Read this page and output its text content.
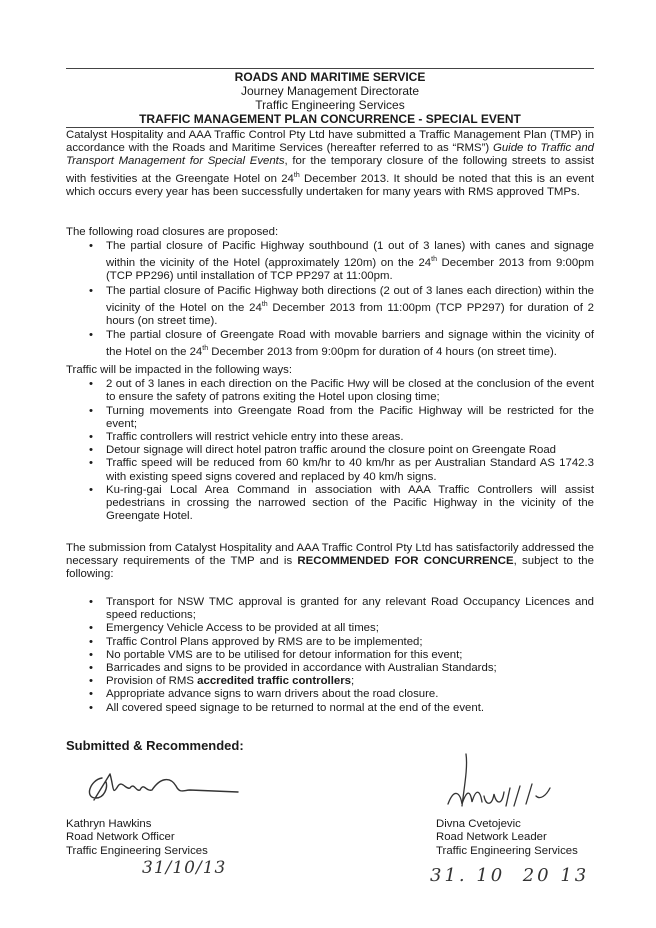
ROADS AND MARITIME SERVICE
Journey Management Directorate
Traffic Engineering Services
TRAFFIC MANAGEMENT PLAN CONCURRENCE - SPECIAL EVENT

Catalyst Hospitality and AAA Traffic Control Pty Ltd have submitted a Traffic Management Plan (TMP) in accordance with the Roads and Maritime Services (hereafter referred to as “RMS”) Guide to Traffic and Transport Management for Special Events, for the temporary closure of the following streets to assist with festivities at the Greengate Hotel on 24th December 2013. It should be noted that this is an event which occurs every year has been successfully undertaken for many years with RMS approved TMPs.

The following road closures are proposed:

• The partial closure of Pacific Highway southbound (1 out of 3 lanes) with canes and signage within the vicinity of the Hotel (approximately 120m) on the 24th December 2013 from 9:00pm (TCP PP296) until installation of TCP PP297 at 11:00pm.
• The partial closure of Pacific Highway both directions (2 out of 3 lanes each direction) within the vicinity of the Hotel on the 24th December 2013 from 11:00pm (TCP PP297) for duration of 2 hours (on street time).
• The partial closure of Greengate Road with movable barriers and signage within the vicinity of the Hotel on the 24th December 2013 from 9:00pm for duration of 4 hours (on street time).

Traffic will be impacted in the following ways:

• 2 out of 3 lanes in each direction on the Pacific Hwy will be closed at the conclusion of the event to ensure the safety of patrons exiting the Hotel upon closing time;
• Turning movements into Greengate Road from the Pacific Highway will be restricted for the event;
• Traffic controllers will restrict vehicle entry into these areas.
• Detour signage will direct hotel patron traffic around the closure point on Greengate Road
• Traffic speed will be reduced from 60 km/hr to 40 km/hr as per Australian Standard AS 1742.3 with existing speed signs covered and replaced by 40 km/h signs.
• Ku-ring-gai Local Area Command in association with AAA Traffic Controllers will assist pedestrians in crossing the narrowed section of the Pacific Highway in the vicinity of the Greengate Hotel.

The submission from Catalyst Hospitality and AAA Traffic Control Pty Ltd has satisfactorily addressed the necessary requirements of the TMP and is RECOMMENDED FOR CONCURRENCE, subject to the following:

• Transport for NSW TMC approval is granted for any relevant Road Occupancy Licences and speed reductions;
• Emergency Vehicle Access to be provided at all times;
• Traffic Control Plans approved by RMS are to be implemented;
• No portable VMS are to be utilised for detour information for this event;
• Barricades and signs to be provided in accordance with Australian Standards;
• Provision of RMS accredited traffic controllers;
• Appropriate advance signs to warn drivers about the road closure.
• All covered speed signage to be returned to normal at the end of the event.
Submitted & Recommended:
Kathryn Hawkins
Road Network Officer
Traffic Engineering Services
31/10/13
Divna Cvetojevic
Road Network Leader
Traffic Engineering Services
31. 10  20 13
